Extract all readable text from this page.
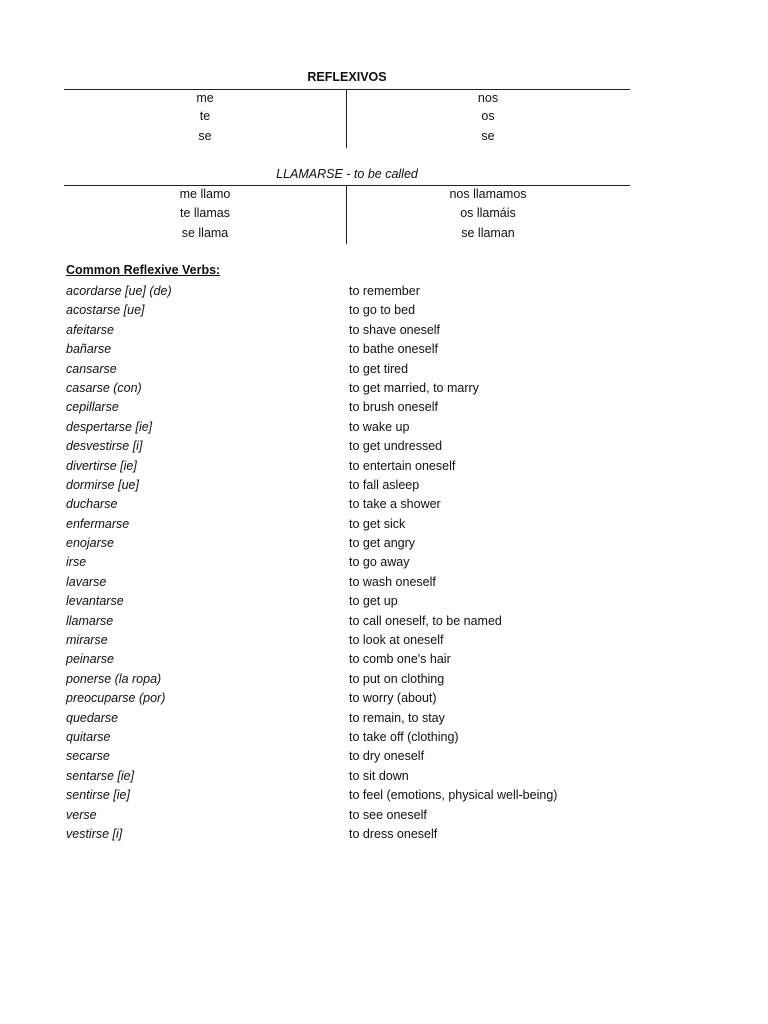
REFLEXIVOS
me	nos
te	os
se	se
LLAMARSE - to be called
me llamo	nos llamamos
te llamas	os llamáis
se llama	se llaman
Common Reflexive Verbs:
acordarse [ue] (de)	to remember
acostarse [ue]	to go to bed
afeitarse	to shave oneself
bañarse	to bathe oneself
cansarse	to get tired
casarse (con)	to get married, to marry
cepillarse	to brush oneself
despertarse [ie]	to wake up
desvestirse [i]	to get undressed
divertirse [ie]	to entertain oneself
dormirse [ue]	to fall asleep
ducharse	to take a shower
enfermarse	to get sick
enojarse	to get angry
irse	to go away
lavarse	to wash oneself
levantarse	to get up
llamarse	to call oneself, to be named
mirarse	to look at oneself
peinarse	to comb one's hair
ponerse (la ropa)	to put on clothing
preocuparse (por)	to worry (about)
quedarse	to remain, to stay
quitarse	to take off (clothing)
secarse	to dry oneself
sentarse [ie]	to sit down
sentirse [ie]	to feel (emotions, physical well-being)
verse	to see oneself
vestirse [i]	to dress oneself
